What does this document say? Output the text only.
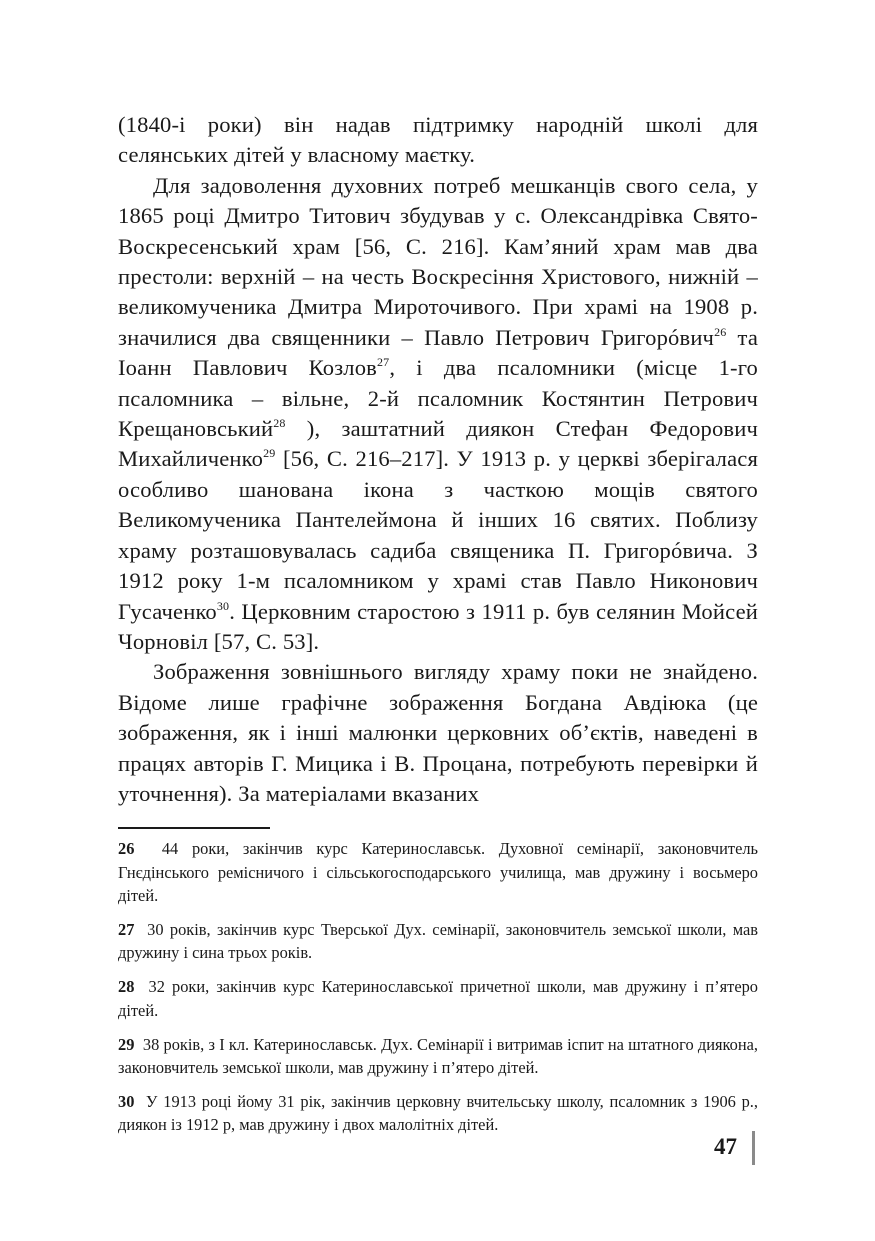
(1840-і роки) він надав підтримку народній школі для селянських дітей у власному маєтку.

Для задоволення духовних потреб мешканців свого села, у 1865 році Дмитро Титович збудував у с. Олександрівка Свято-Воскресенський храм [56, С. 216]. Кам’яний храм мав два престоли: верхній – на честь Воскресіння Христового, нижній – великомученика Дмитра Мироточивого. При храмі на 1908 р. значилися два священники – Павло Петрович Григорóвич$^{26}$ та Іоанн Павлович Козлов$^{27}$, і два псаломники (місце 1-го псаломника – вільне, 2-й псаломник Костянтин Петрович Крещановський$^{28}$ ), заштатний диякон Стефан Федорович Михайличенко$^{29}$ [56, С. 216–217]. У 1913 р. у церкві зберігалася особливо шанована ікона з часткою мощів святого Великомученика Пантелеймона й інших 16 святих. Поблизу храму розташовувалась садиба священика П. Григорóвича. З 1912 року 1-м псаломником у храмі став Павло Никонович Гусаченко$^{30}$. Церковним старостою з 1911 р. був селянин Мойсей Чорновіл [57, С. 53].

Зображення зовнішнього вигляду храму поки не знайдено. Відоме лише графічне зображення Богдана Авдіюка (це зображення, як і інші малюнки церковних об’єктів, наведені в працях авторів Г. Мицика і В. Процана, потребують перевірки й уточнення). За матеріалами вказаних

26 44 роки, закінчив курс Катеринославськ. Духовної семінарії, законовчитель Гнєдінського ремісничого і сільськогосподарського училища, мав дружину і восьмеро дітей.

27 30 років, закінчив курс Тверської Дух. семінарії, законовчитель земської школи, мав дружину і сина трьох років.

28 32 роки, закінчив курс Катеринославської причетної школи, мав дружину і п’ятеро дітей.

29 38 років, з І кл. Катеринославськ. Дух. Семінарії і витримав іспит на штатного диякона, законовчитель земської школи, мав дружину і п’ятеро дітей.

30 У 1913 році йому 31 рік, закінчив церковну вчительську школу, псаломник з 1906 р., диякон із 1912 р, мав дружину і двох малолітніх дітей.

47
